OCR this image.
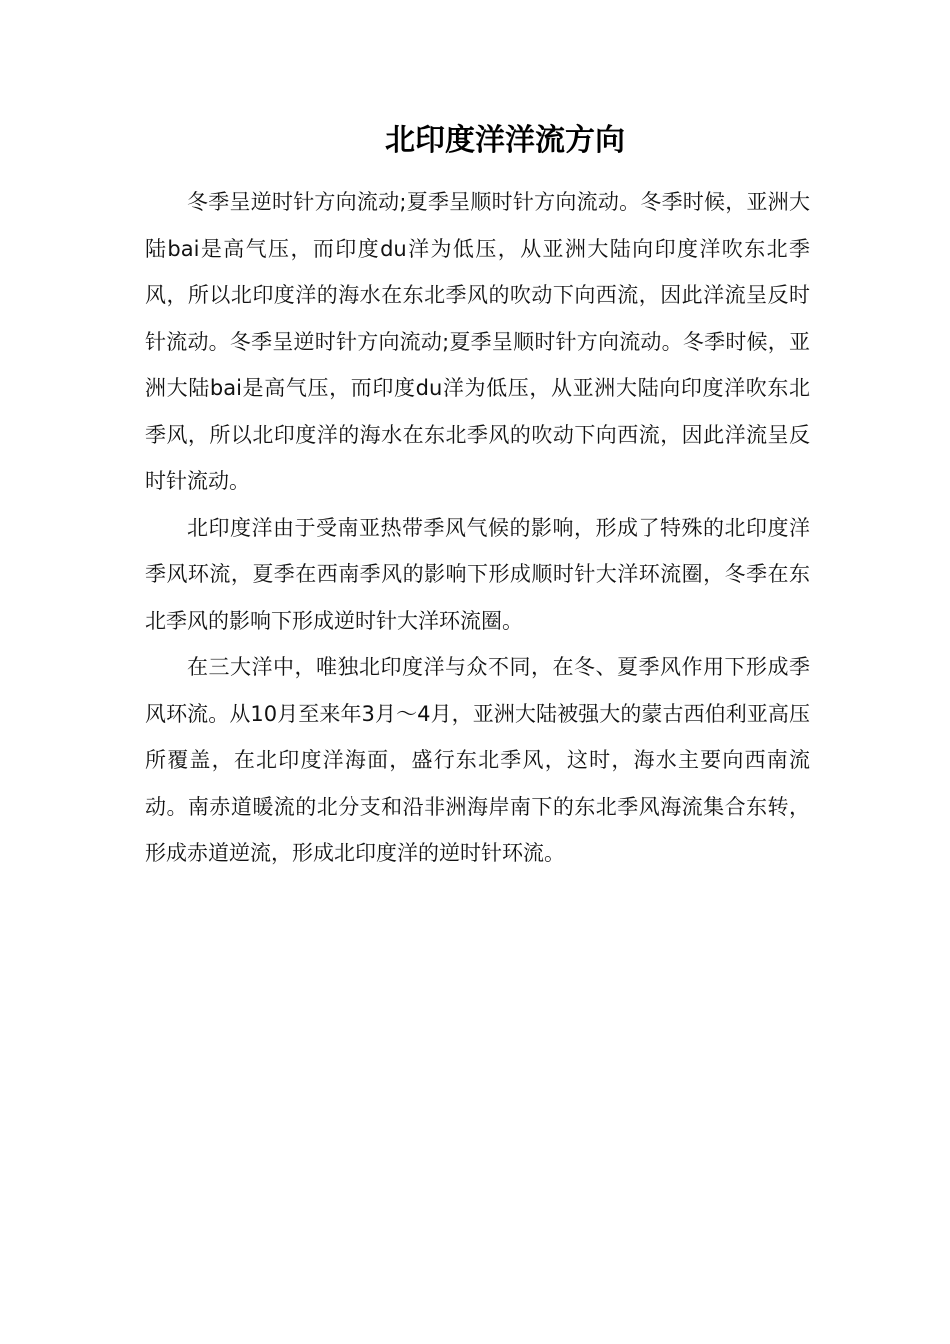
北印度洋洋流方向

冬季呈逆时针方向流动;夏季呈顺时针方向流动。冬季时候，亚洲大陆bai是高气压，而印度du洋为低压，从亚洲大陆向印度洋吹东北季风，所以北印度洋的海水在东北季风的吹动下向西流，因此洋流呈反时针流动。冬季呈逆时针方向流动;夏季呈顺时针方向流动。冬季时候，亚洲大陆bai是高气压，而印度du洋为低压，从亚洲大陆向印度洋吹东北季风，所以北印度洋的海水在东北季风的吹动下向西流，因此洋流呈反时针流动。

北印度洋由于受南亚热带季风气候的影响，形成了特殊的北印度洋季风环流，夏季在西南季风的影响下形成顺时针大洋环流圈，冬季在东北季风的影响下形成逆时针大洋环流圈。

在三大洋中，唯独北印度洋与众不同，在冬、夏季风作用下形成季风环流。从10月至来年3月～4月，亚洲大陆被强大的蒙古西伯利亚高压所覆盖，在北印度洋海面，盛行东北季风，这时，海水主要向西南流动。南赤道暖流的北分支和沿非洲海岸南下的东北季风海流集合东转，形成赤道逆流，形成北印度洋的逆时针环流。
